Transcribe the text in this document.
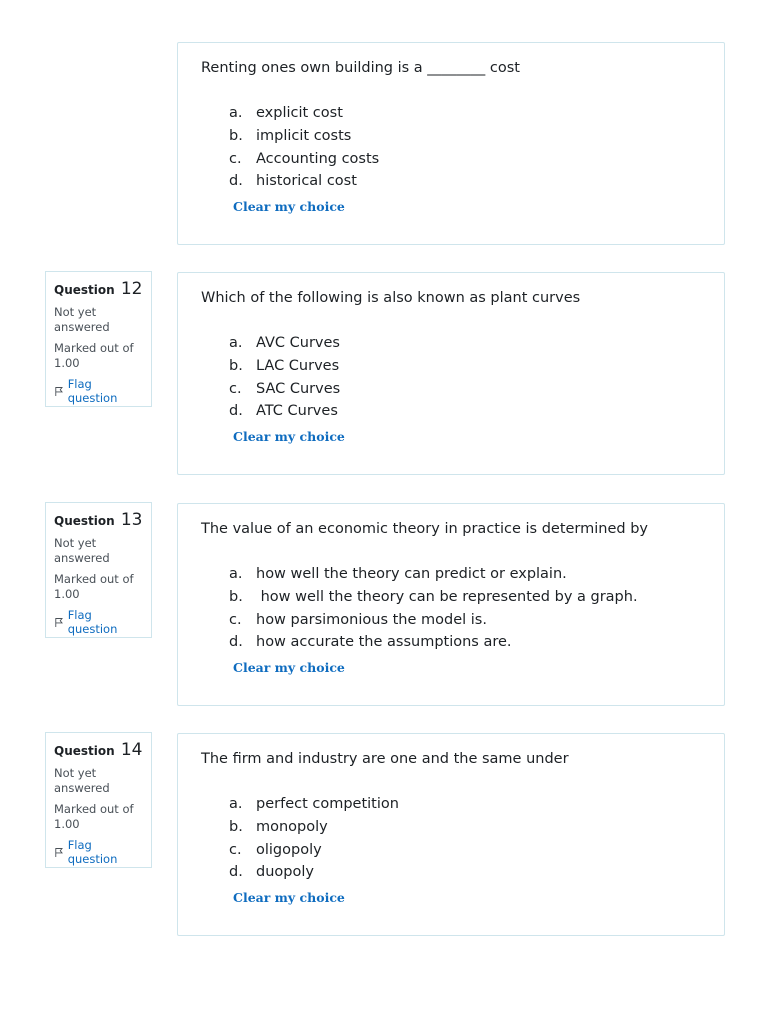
Renting ones own building is a ________ cost
a. explicit cost
b. implicit costs
c. Accounting costs
d. historical cost
Clear my choice
Question 12
Not yet answered
Marked out of 1.00
Flag question
Which of the following is also known as plant curves
a. AVC Curves
b. LAC Curves
c. SAC Curves
d. ATC Curves
Clear my choice
Question 13
Not yet answered
Marked out of 1.00
Flag question
The value of an economic theory in practice is determined by
a. how well the theory can predict or explain.
b. how well the theory can be represented by a graph.
c. how parsimonious the model is.
d. how accurate the assumptions are.
Clear my choice
Question 14
Not yet answered
Marked out of 1.00
Flag question
The firm and industry are one and the same under
a. perfect competition
b. monopoly
c. oligopoly
d. duopoly
Clear my choice
